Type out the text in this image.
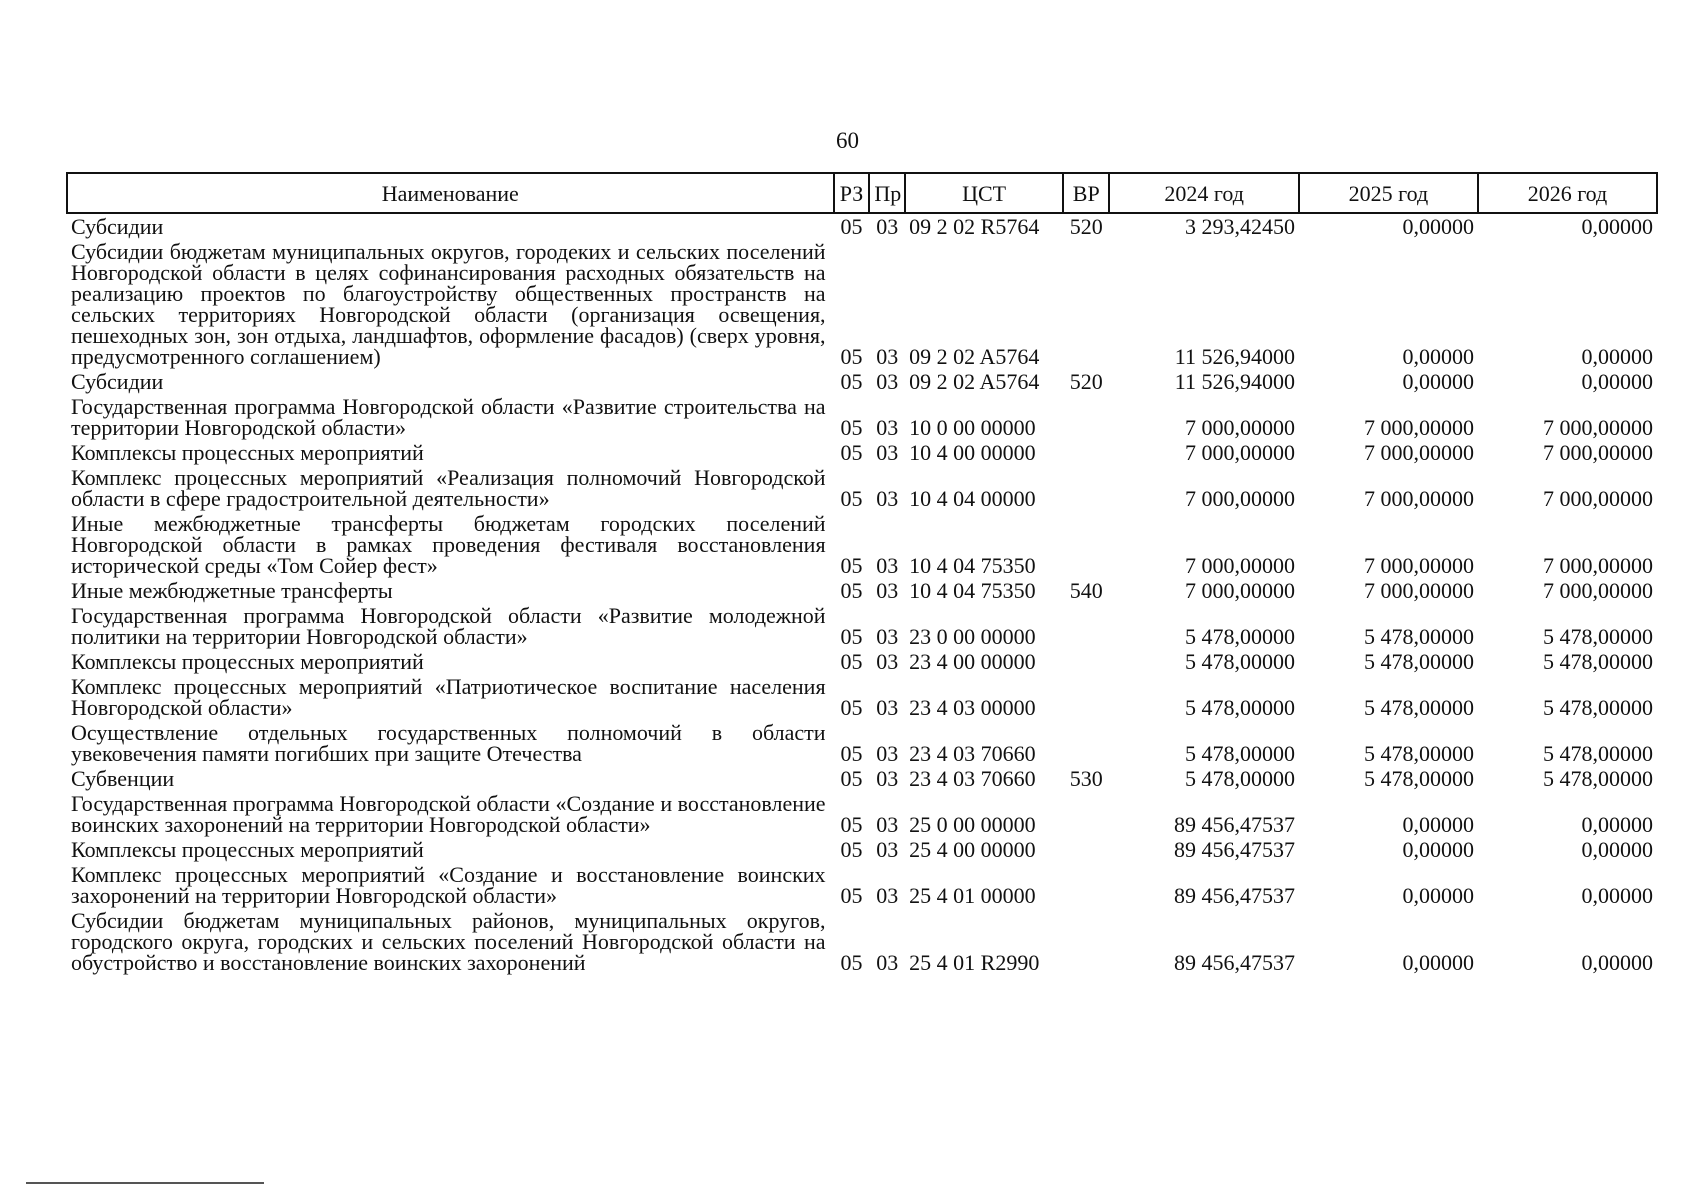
60
Наименование	РЗ	Пр	ЦСТ	ВР	2024 год	2025 год	2026 год
Субсидии	05	03	09 2 02 R5764	520	3 293,42450	0,00000	0,00000
Субсидии бюджетам муниципальных округов, городеких и сельских поселений Новгородской области в целях софинансирования расходных обязательств на реализацию проектов по благоустройству общественных пространств на сельских территориях Новгородской области (организация освещения, пешеходных зон, зон отдыха, ландшафтов, оформление фасадов) (сверх уровня, предусмотренного соглашением)	05	03	09 2 02 A5764		11 526,94000	0,00000	0,00000
Субсидии	05	03	09 2 02 A5764	520	11 526,94000	0,00000	0,00000
Государственная программа Новгородской области «Развитие строительства на территории Новгородской области»	05	03	10 0 00 00000		7 000,00000	7 000,00000	7 000,00000
Комплексы процессных мероприятий	05	03	10 4 00 00000		7 000,00000	7 000,00000	7 000,00000
Комплекс процессных мероприятий «Реализация полномочий Новгородской области в сфере градостроительной деятельности»	05	03	10 4 04 00000		7 000,00000	7 000,00000	7 000,00000
Иные межбюджетные трансферты бюджетам городских поселений Новгородской области в рамках проведения фестиваля восстановления исторической среды «Том Сойер фест»	05	03	10 4 04 75350		7 000,00000	7 000,00000	7 000,00000
Иные межбюджетные трансферты	05	03	10 4 04 75350	540	7 000,00000	7 000,00000	7 000,00000
Государственная программа Новгородской области «Развитие молодежной политики на территории Новгородской области»	05	03	23 0 00 00000		5 478,00000	5 478,00000	5 478,00000
Комплексы процессных мероприятий	05	03	23 4 00 00000		5 478,00000	5 478,00000	5 478,00000
Комплекс процессных мероприятий «Патриотическое воспитание населения Новгородской области»	05	03	23 4 03 00000		5 478,00000	5 478,00000	5 478,00000
Осуществление отдельных государственных полномочий в области увековечения памяти погибших при защите Отечества	05	03	23 4 03 70660		5 478,00000	5 478,00000	5 478,00000
Субвенции	05	03	23 4 03 70660	530	5 478,00000	5 478,00000	5 478,00000
Государственная программа Новгородской области «Создание и восстановление воинских захоронений на территории Новгородской области»	05	03	25 0 00 00000		89 456,47537	0,00000	0,00000
Комплексы процессных мероприятий	05	03	25 4 00 00000		89 456,47537	0,00000	0,00000
Комплекс процессных мероприятий «Создание и восстановление воинских захоронений на территории Новгородской области»	05	03	25 4 01 00000		89 456,47537	0,00000	0,00000
Субсидии бюджетам муниципальных районов, муниципальных округов, городского округа, городских и сельских поселений Новгородской области на обустройство и восстановление воинских захоронений	05	03	25 4 01 R2990		89 456,47537	0,00000	0,00000
